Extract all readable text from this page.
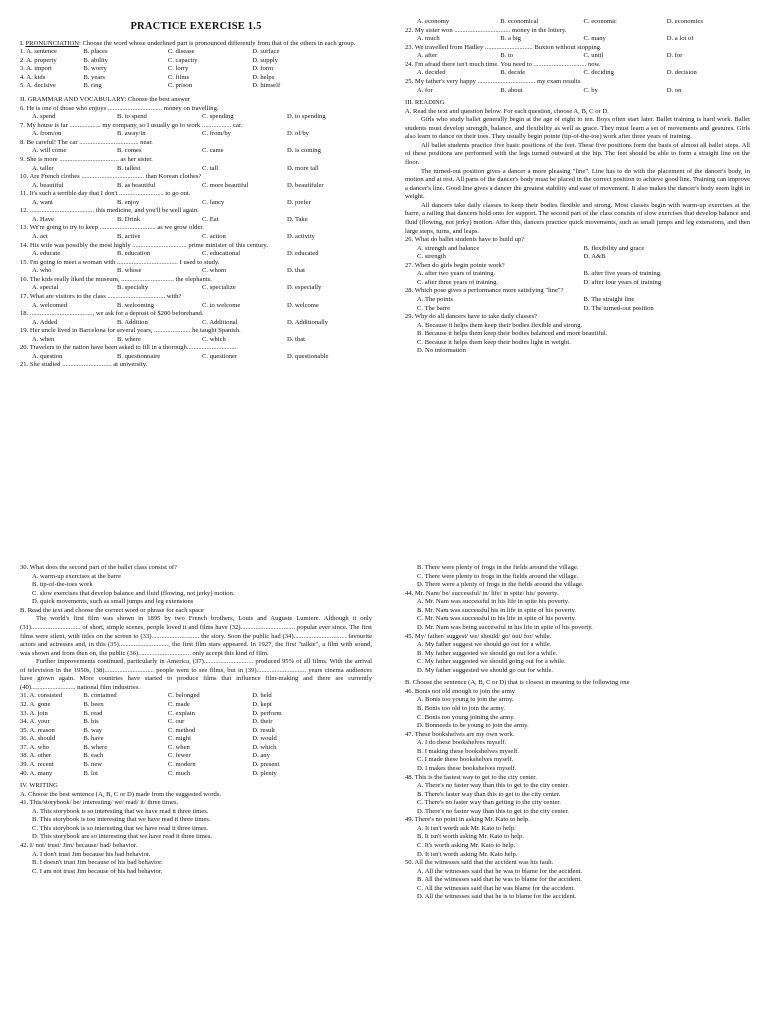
PRACTICE EXERCISE 1.5
I. PRONUNCIATION: Choose the word whose underlined part is pronounced differently from that of the others in each group.
1. A. sentence	B. places	C. disease	D. surface
2. A. property	B. ability	C. capacity	D. supply
3. A. import	B. worry	C. lorry	D. form
4. A. kids	B. years	C. films	D. helps
5. A. decisive	B. ring	C. prison	D. himself
II. GRAMMAR AND VOCABULARY: Choose the best answer
6. He is one of those who enjoys ................................. money on travelling.
A. spend	B. to spend	C. spending	D. to spending
7. My house is far ................... my company, so I usually go to work .................. car.
A. from/on	B. away/in	C. from/by	D. of/by
8. Be careful! The car .................................... near.
A. will come	B. comes	C. came	D. is coming
9. She is more .................................... as her sister.
A. taller	B. tallest	C. tall	D. more tall
10. Are French clothes ...................................... than Korean clothes?
A. beautiful	B. as beautiful	C. more beautiful	D. beautifuler
11. It's such a terrible day that I don't ........................... to go out.
A. want	B. enjoy	C. fancy	D. prefer
12. ....................................... this medicine, and you'll be well again.
A. Have	B. Drink	C. Eat	D. Take
13. We're going to try to keep .................................. as we grow older.
A. act	B. active	C. action	D. activity
14. His wife was possibly the most highly ................................. prime minister of this century.
A. educate	B. education	C. educational	D. educated
15. I'm going to meet a woman with ..................................... I used to study.
A. who	B. whose	C. whom	D. that
16. The kids really liked the museum, ................................ the elephants.
A. special	B. specialty	C. specialize	D. especially
17. What are visitors to the class ................................... with?
A. welcomed	B. welcoming	C. to welcome	D. welcome
18. ......................................, we ask for a deposit of $200 beforehand.
A. Added	B. Addition	C. Additional	D. Additionally
19. Her uncle lived in Barcelona for several years, ...................... he taught Spanish.
A. when	B. where	C. which	D. that
20. Travelers to the nation have been asked to fill in a thorough..............................
A. question	B. questionnaire	C. questioner	D. questionable
21. She studied .............................. at university.
A. economy	B. economical	C. economic	D. economics
22. My sister won .................................. money in the lottery.
A. much	B. a big	C. many	D. a lot of
23. We travelled from Hadley ............................. Buxton without stopping.
A. after	B. to	C. until	D. for
24. I'm afraid there isn't much time. You need to ................................ now.
A. decided	B. decide	C. deciding	D. decision
25. My father's very happy ................................... my exam results.
A. for	B. about	C. by	D. on
III. READING
A. Read the text and question below. For each question, choose A, B, C or D.
Girls who study ballet generally begin at the age of eight to ten. Boys often start later. Ballet training is hard work. Ballet students must develop strength, balance, and flexibility as well as grace. They must learn a set of movements and gestures. Girls also learn to dance on their toes. They usually begin pointe (tip-of-the-toe) work after three years of training.
All ballet students practice five basic positions of the feet. These five positions form the basis of almost all ballet steps. All of these positions are performed with the legs turned outward at the hip. The feet should be able to form a straight line on the floor.
The turned-out position gives a dancer a more pleasing "line". Line has to do with the placement of the dancer's body, in motion and at rest. All parts of the dancer's body must be placed in the correct position to achieve good line. Training can improve a dancer's line. Good line gives a dancer the greatest stability and ease of movement. It also makes the dancer's body seem light in weight.
All dancers take daily classes to keep their bodies flexible and strong. Most classes begin with warm-up exercises at the barre, a railing that dancers hold onto for support. The second part of the class consists of slow exercises that develop balance and fluid (flowing, not jerky) motion. After this, dancers practice quick movements, such as small jumps and leg extensions, and then large steps, turns, and leaps.
26. What do ballet students have to build up?
A. strength and balance	B. flexibility and grace
C. strength	D. A&B
27. When do girls begin pointe work?
A. after two years of training.	B. after five years of training.
C. after three years of training.	D. after four years of training
28. Which pose gives a performance more satisfying "line"?
A. The points	B. The straight line
C. The barre	D. The turned-out position
29. Why do all dancers have to take daily classes?
A. Because it helps them keep their bodies flexible and strong.
B. Because it helps them keep their bodies balanced and more beautiful.
C. Because it helps them keep their bodies light in weight.
D. No information
30. What does the second part of the ballet class consist of?
A. warm-up exercises at the barre
B. tip-of-the-toes work
C. slow exercises that develop balance and fluid (flowing, not jerky) motion.
D. quick movements, such as small jumps and leg extensions
B. Read the text and choose the correct word or phrase for each space
The world's first film was shown in 1895 by two French brothers, Louis and Auguste Lumiere. Although it only (31).............................. of short, simple scenes, people loved it and films have (32)................................. popular ever since. The first films were silent, with titles on the screen to (33)............................. the story. Soon the public had (34)................................ favourite actors and actresses and, in this (35).............................., the first film stars appeared. In 1927, the first "talkie", a film with sound, was shown and from then on, the public (36)................................ only accept this kind of film.
Further improvements continued, particularly in America, (37).............................. produced 95% of all films. With the arrival of television in the 1950s, (38).............................. people went to see films, but in (39).............................. years cinema audiences have grown again. More countries have started to produce films that influence film-making and there are currently (40)........................... national film industries.
31. A. consisted	B. contained	C. belonged	D. held
32. A. gone	B. been	C. made	D. kept
33. A. join	B. read	C. explain	D. perform
34. A. your	B. his	C. our	D. their
35. A. reason	B. way	C. method	D. result
36. A. should	B. have	C. might	D. would
37. A. who	B. where	C. when	D. which
38. A. other	B. each	C. fewer	D. any
39. A. recent	B. new	C. modern	D. present
40. A. many	B. lot	C. much	D. plenty
IV. WRITING
A. Choose the best sentence (A, B, C or D) made from the suggested words.
41. This/storybook/ be/ interesting/ we/ read/ it/ three times.
A. This storybook is so interesting that we have read it three times.
B. This storybook is too interesting that we have read it three times.
C. This storybook is so interesting that we have read it three times.
D. This storybook are so interesting that we have read it three times.
42. I/ not/ trust/ Jim/ because/ bad/ behavior.
A. I don't trust Jim because his bad behavior.
B. I doesn't trust Jim because of his bad behavior.
C. I am not trust Jim because of his bad behavior.
B. There were plenty of frogs in the fields around the village.
C. There were plenty to frogs in the fields around the village.
D. There were a plenty of frogs in the fields around the village.
44. Mr. Nam/ be/ successful/ in/ life/ in spite/ his/ poverty.
A. Mr. Nam was successful in his life in spite his poverty.
B. Mr. Nam was successful his in life in spite of his poverty.
C. Mr. Nam was successful in his life in spite of his poverty.
D. Mr. Nam was being successful in his life in spite of his poverty.
45. My/ father/ suggest/ we/ should/ go/ out/ for/ while.
A. My father suggest we should go out for a while.
B. My father suggested we should go out for a while.
C. My father suggested we should going out for a while.
D. My father suggested we should go out for while.
B. Choose the sentence (A, B, C or D) that is closest in meaning to the following one
46. Bonis not old enough to join the army.
A. Bonis too young to join the army.
B. Bonis too old to join the army.
C. Bonis too young joining the army.
D. Bonneeds to be young to join the army.
47. These bookshelves are my own work.
A. I do these bookshelves myself.
B. I making these bookshelves myself.
C. I made these bookshelves myself.
D. I makes these bookshelves myself.
48. This is the fastest way to get to the city center.
A. There's no faster way than this to get to the city center.
B. There's faster way than this to get to the city center.
C. There's no faster way than getting to the city center.
D. There's no faster way than this to get to the city center.
49. There's no point in asking Mr. Kato to help.
A. It isn't worth ask Mr. Kato to help.
B. It isn't worth asking Mr. Kato to help.
C. It's worth asking Mr. Kato to help.
D. It isn't worth asking Mr. Kato help.
50. All the witnesses said that the accident was his fault.
A. All the witnesses said that he was to blame for the accident.
B. All the witnesses said that he was to blame for the accident.
C. All the witnesses said that he was blame for the accident.
D. All the witnesses said that he is to blame for the accident.
